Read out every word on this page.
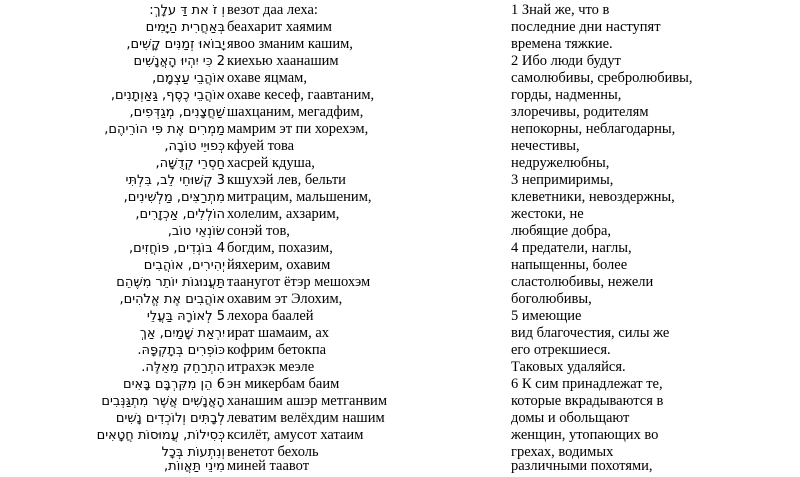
וְ זֹ את דַּ עלָךְ: везот даа леха:	1 Знай же, что в
בְּאַחֲרִית הַיָּמִים беахарит хаямим	последние дни наступят
יָבוֹאוּ זְמַנִּים קָשִׁים, явоо зманим кашим,	времена тяжкие.
2 כִּי יִהְיוּ הָאֲנָשִׁים киехью хаанашим	2 Ибо люди будут
אוֹהֲבֵי עַצְמָם, охаве яцмам,	самолюбивы, сребролюбивы,
אוֹהֲבֵי כֶסֶף, גַּאַוְתָנִים, охаве кесеф, гаавтаним,	горды, надменны,
שַׁחֲצָנִים, מְגַדְּפִים, шахцаним, мегадфим,	злоречивы, родителям
מַמְרִים אֶת פִּי הוֹרֵיהֶם, мамрим эт пи хорехэм,	непокорны, неблагодарны,
כְּפוּיֵי טוֹבָה, кфуей това	нечестивы,
חַסְרֵי קְדֻשָּׁה, хасрей кдуша,	недружелюбны,
3 קְשׁוּחֵי לֵב, בִּלְתִּי кшухэй лев, бельти	3 непримиримы,
מִתְרַצִּים, מַלְשִׁינִים, митрацим, мальшеним,	клеветники, невоздержны,
הוֹלְלִים, אַכְזָרִים, холелим, ахзарим,	жестоки, не
שׂוֹנְאֵי טוֹב, сонэй тов,	любящие добра,
4 בּוֹגְדִים, פּוֹחֲזִים, богдим, похазим,	4 предатели, наглы,
יְהִירִים, אוֹהֲבִים йяхерим, охавим	напыщенны, более
תַּעֲנוּגוֹת יוֹתֵר מִשֶּׁהֵם таанугот ётэр мешохэм	сластолюбивы, нежели
אוֹהֲבִים אֶת אֱלֹהִים, охавим эт Элохим,	боголюбивы,
5 לְאוֹרָהּ בַּעֲלֵי лехора баалей	5 имеющие
יִרְאַת שָׁמַיִם, אַךְ ират шамаим, ах	вид благочестия, силы же
כּוֹפְרִים בְּתָקְפָּהּ. кофрим бетокпа	его отрекшиеся.
הִתְרַחֵק מֵאֵלֶּה. итрахэк меэле	Таковых удаляйся.
6 הֵן מִקִּרְבָּם בָּאִים эн микербам баим	6 К сим принадлежат те,
הָאֲנָשִׁים אֲשֶׁר מִתְגַּנְּבִים ханашим ашэр метганвим	которые вкрадываются в
לְבָתִּים וְלוֹכְדִים נָשִׁים леватим велёхдим нашим	домы и обольщают
כְּסִילוֹת, עֲמוּסוֹת חֲטָאִים ксилёт, амусот хатаим	женщин, утопающих во
וְנִתְעוֹת בְּכָל венетот бехоль	грехах, водимых
מִינֵי תַּאֲווֹת, миней таавот	различными похотями,
